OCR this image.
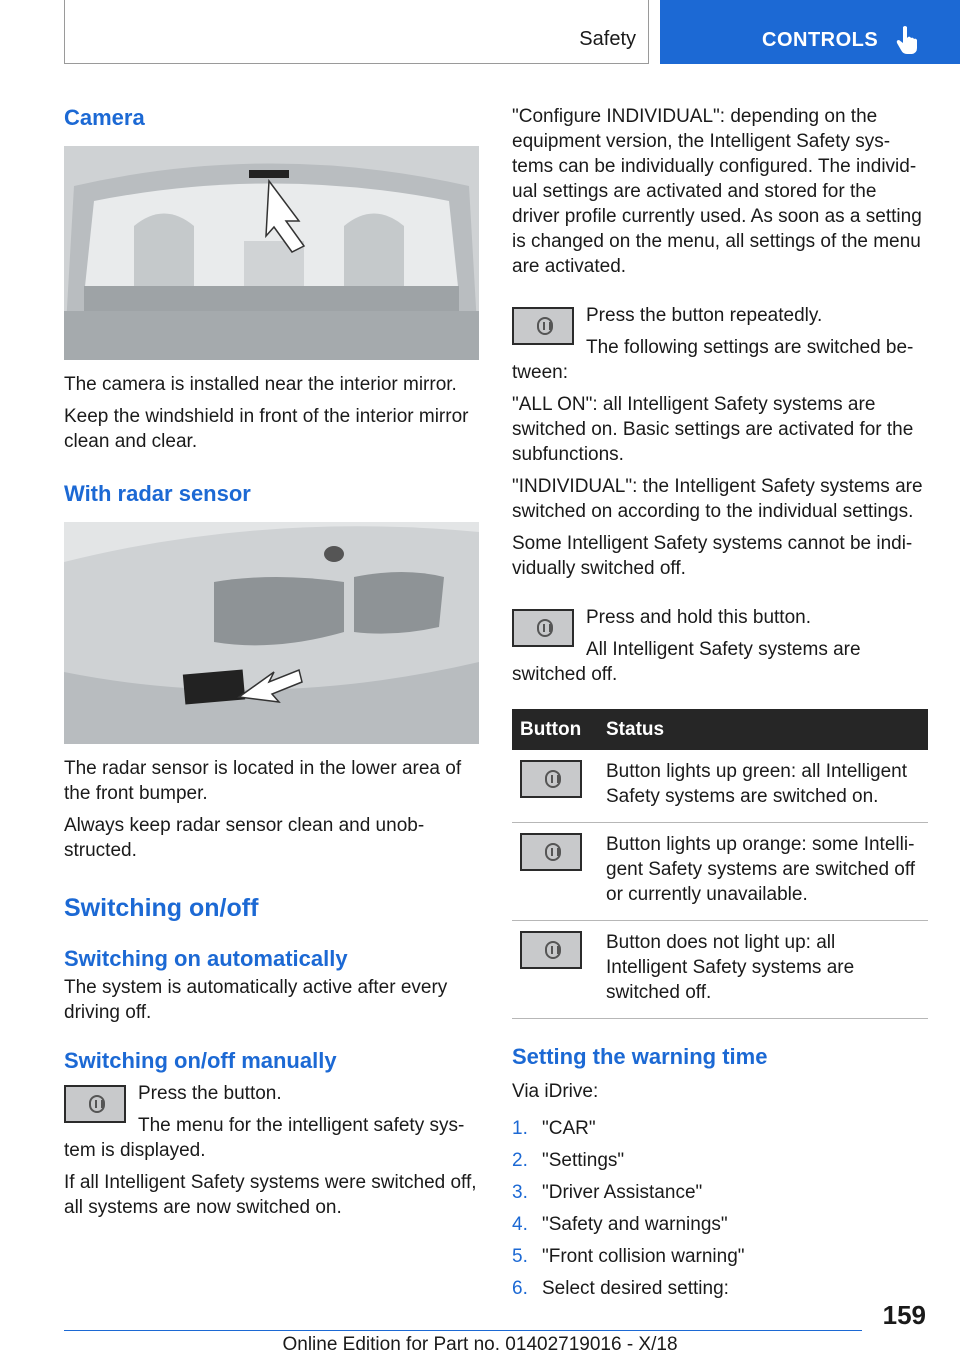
Safety	CONTROLS
Camera

The camera is installed near the interior mirror.

Keep the windshield in front of the interior mirror clean and clear.

With radar sensor

The radar sensor is located in the lower area of the front bumper.

Always keep radar sensor clean and unob‐structed.

Switching on/off
Switching on automatically

The system is automatically active after every driving off.

Switching on/off manually

Press the button.

The menu for the intelligent safety sys‐tem is displayed.

If all Intelligent Safety systems were switched off, all systems are now switched on.

"Configure INDIVIDUAL": depending on the equipment version, the Intelligent Safety sys‐tems can be individually configured. The individ‐ual settings are activated and stored for the driver profile currently used. As soon as a setting is changed on the menu, all settings of the menu are activated.

Press the button repeatedly.

The following settings are switched be‐tween:

"ALL ON": all Intelligent Safety systems are switched on. Basic settings are activated for the subfunctions.

"INDIVIDUAL": the Intelligent Safety systems are switched on according to the individual settings.

Some Intelligent Safety systems cannot be indi‐vidually switched off.

Press and hold this button.

All Intelligent Safety systems are switched off.

Button	Status

	Button lights up green: all Intelligent Safety systems are switched on.

	Button lights up orange: some Intelli‐gent Safety systems are switched off or currently unavailable.

	Button does not light up: all Intelligent Safety systems are switched off.
Setting the warning time

Via iDrive:

1. "CAR"
2. "Settings"
3. "Driver Assistance"
4. "Safety and warnings"
5. "Front collision warning"
6. Select desired setting:
159
Online Edition for Part no. 01402719016 - X/18
